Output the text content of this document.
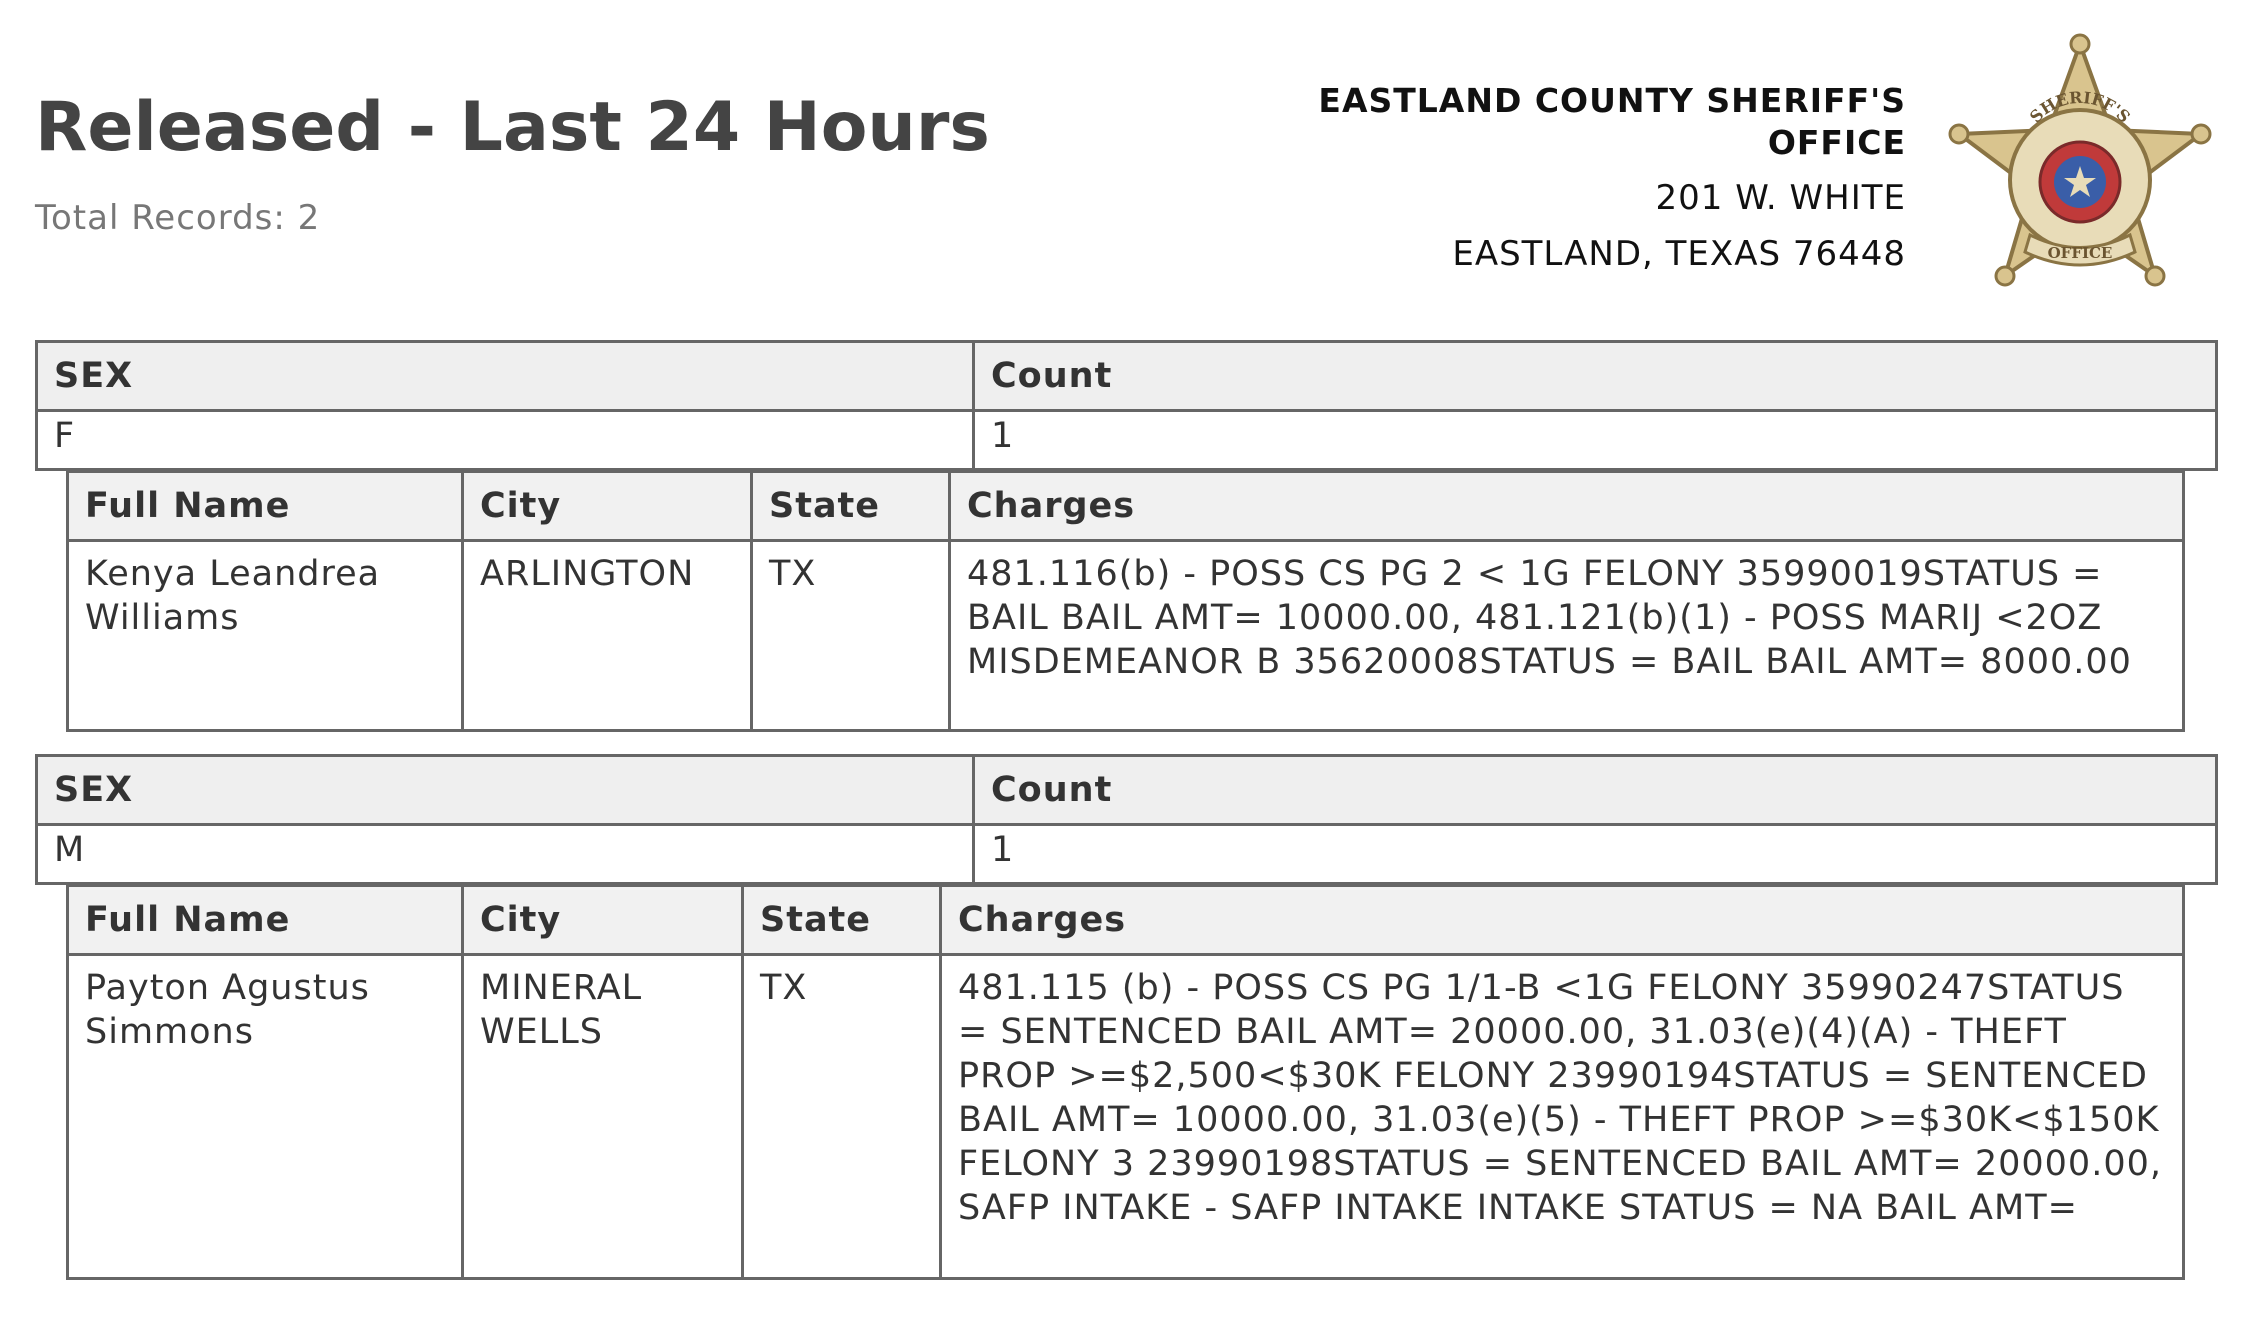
Released - Last 24 Hours
Total Records: 2
EASTLAND COUNTY SHERIFF'S
OFFICE
201 W. WHITE
EASTLAND, TEXAS 76448
SHERIFF'S
OFFICE
SEX	Count
F	1
Full Name	City	State	Charges
Kenya Leandrea Williams	ARLINGTON	TX	481.116(b) - POSS CS PG 2 < 1G FELONY 35990019STATUS = BAIL BAIL AMT= 10000.00, 481.121(b)(1) - POSS MARIJ <2OZ MISDEMEANOR B 35620008STATUS = BAIL BAIL AMT= 8000.00
SEX	Count
M	1
Full Name	City	State	Charges
Payton Agustus Simmons	MINERAL WELLS	TX	481.115 (b) - POSS CS PG 1/1-B <1G FELONY 35990247STATUS = SENTENCED BAIL AMT= 20000.00, 31.03(e)(4)(A) - THEFT PROP >=$2,500<$30K FELONY 23990194STATUS = SENTENCED BAIL AMT= 10000.00, 31.03(e)(5) - THEFT PROP >=$30K<$150K FELONY 3 23990198STATUS = SENTENCED BAIL AMT= 20000.00, SAFP INTAKE - SAFP INTAKE INTAKE STATUS = NA BAIL AMT=
